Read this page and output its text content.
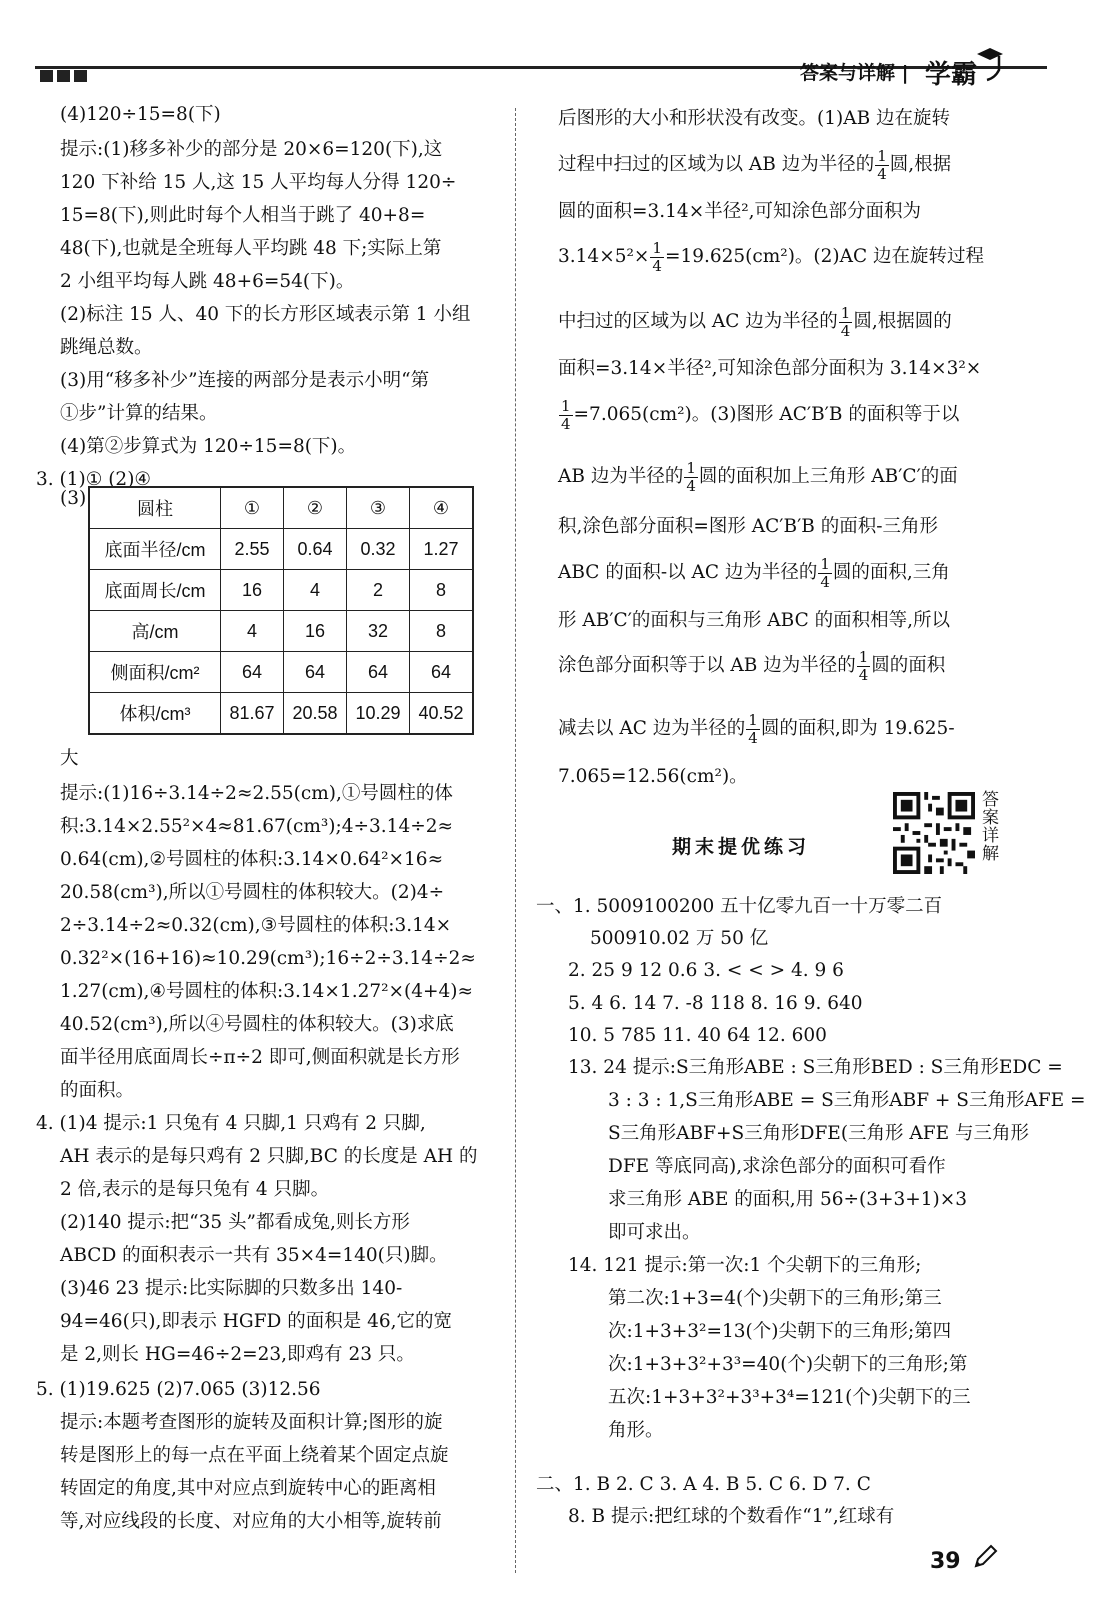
答案与详解 | 学霸
(4)120÷15=8(下)
提示:(1)移多补少的部分是 20×6=120(下),这
120 下补给 15 人,这 15 人平均每人分得 120÷
15=8(下),则此时每个人相当于跳了 40+8=
48(下),也就是全班每人平均跳 48 下;实际上第
2 小组平均每人跳 48+6=54(下)。
(2)标注 15 人、40 下的长方形区域表示第 1 小组
跳绳总数。
(3)用“移多补少”连接的两部分是表示小明“第
①步”计算的结果。
(4)第②步算式为 120÷15=8(下)。
3. (1)① (2)④
(3)	圆柱	①	②	③	④
底面半径/cm	2.55	0.64	0.32	1.27
底面周长/cm	16	4	2	8
高/cm	4	16	32	8
侧面积/cm²	64	64	64	64
体积/cm³	81.67	20.58	10.29	40.52
大
提示:(1)16÷3.14÷2≈2.55(cm),①号圆柱的体
积:3.14×2.55²×4≈81.67(cm³);4÷3.14÷2≈
0.64(cm),②号圆柱的体积:3.14×0.64²×16≈
20.58(cm³),所以①号圆柱的体积较大。(2)4÷
2÷3.14÷2≈0.32(cm),③号圆柱的体积:3.14×
0.32²×(16+16)≈10.29(cm³);16÷2÷3.14÷2≈
1.27(cm),④号圆柱的体积:3.14×1.27²×(4+4)≈
40.52(cm³),所以④号圆柱的体积较大。(3)求底
面半径用底面周长÷π÷2 即可,侧面积就是长方形
的面积。
4. (1)4 提示:1 只兔有 4 只脚,1 只鸡有 2 只脚,
AH 表示的是每只鸡有 2 只脚,BC 的长度是 AH 的
2 倍,表示的是每只兔有 4 只脚。
(2)140 提示:把“35 头”都看成兔,则长方形
ABCD 的面积表示一共有 35×4=140(只)脚。
(3)46 23 提示:比实际脚的只数多出 140-
94=46(只),即表示 HGFD 的面积是 46,它的宽
是 2,则长 HG=46÷2=23,即鸡有 23 只。
5. (1)19.625 (2)7.065 (3)12.56
提示:本题考查图形的旋转及面积计算;图形的旋
转是图形上的每一点在平面上绕着某个固定点旋
转固定的角度,其中对应点到旋转中心的距离相
等,对应线段的长度、对应角的大小相等,旋转前
后图形的大小和形状没有改变。(1)AB 边在旋转
过程中扫过的区域为以 AB 边为半径的 $\frac{1}{4}$ 圆,根据
圆的面积=3.14×半径²,可知涂色部分面积为
$3.14\times 5^2\times \frac{1}{4} =19.625(cm^2)$。(2)AC 边在旋转过程
中扫过的区域为以 AC 边为半径的 $\frac{1}{4}$ 圆,根据圆的
面积=3.14×半径²,可知涂色部分面积为 3.14×3²×
$\frac{1}{4} =7.065(cm^2)$。(3)图形 AC′B′B 的面积等于以
AB 边为半径的 $\frac{1}{4}$ 圆的面积加上三角形 AB′C′的面
积,涂色部分面积=图形 AC′B′B 的面积-三角形
ABC 的面积-以 AC 边为半径的 $\frac{1}{4}$ 圆的面积,三角
形 AB′C′的面积与三角形 ABC 的面积相等,所以
涂色部分面积等于以 AB 边为半径的 $\frac{1}{4}$ 圆的面积
减去以 AC 边为半径的 $\frac{1}{4}$ 圆的面积,即为 19.625-
7.065=12.56(cm²)。
期末提优练习
答案详解
一、1. 5009100200 五十亿零九百一十万零二百
500910.02 万 50 亿
2. 25 9 12 0.6 3. < < > 4. 9 6
5. 4 6. 14 7. -8 118 8. 16 9. 640
10. 5 785 11. 40 64 12. 600
13. 24 提示:S三角形ABE : S三角形BED : S三角形EDC =
3 : 3 : 1,S三角形ABE = S三角形ABF + S三角形AFE =
S三角形ABF+S三角形DFE(三角形 AFE 与三角形
DFE 等底同高),求涂色部分的面积可看作
求三角形 ABE 的面积,用 56÷(3+3+1)×3
即可求出。
14. 121 提示:第一次:1 个尖朝下的三角形;
第二次:1+3=4(个)尖朝下的三角形;第三
次:1+3+3²=13(个)尖朝下的三角形;第四
次:1+3+3²+3³=40(个)尖朝下的三角形;第
五次:1+3+3²+3³+3⁴=121(个)尖朝下的三
角形。
二、1. B 2. C 3. A 4. B 5. C 6. D 7. C
8. B 提示:把红球的个数看作“1”,红球有
39
